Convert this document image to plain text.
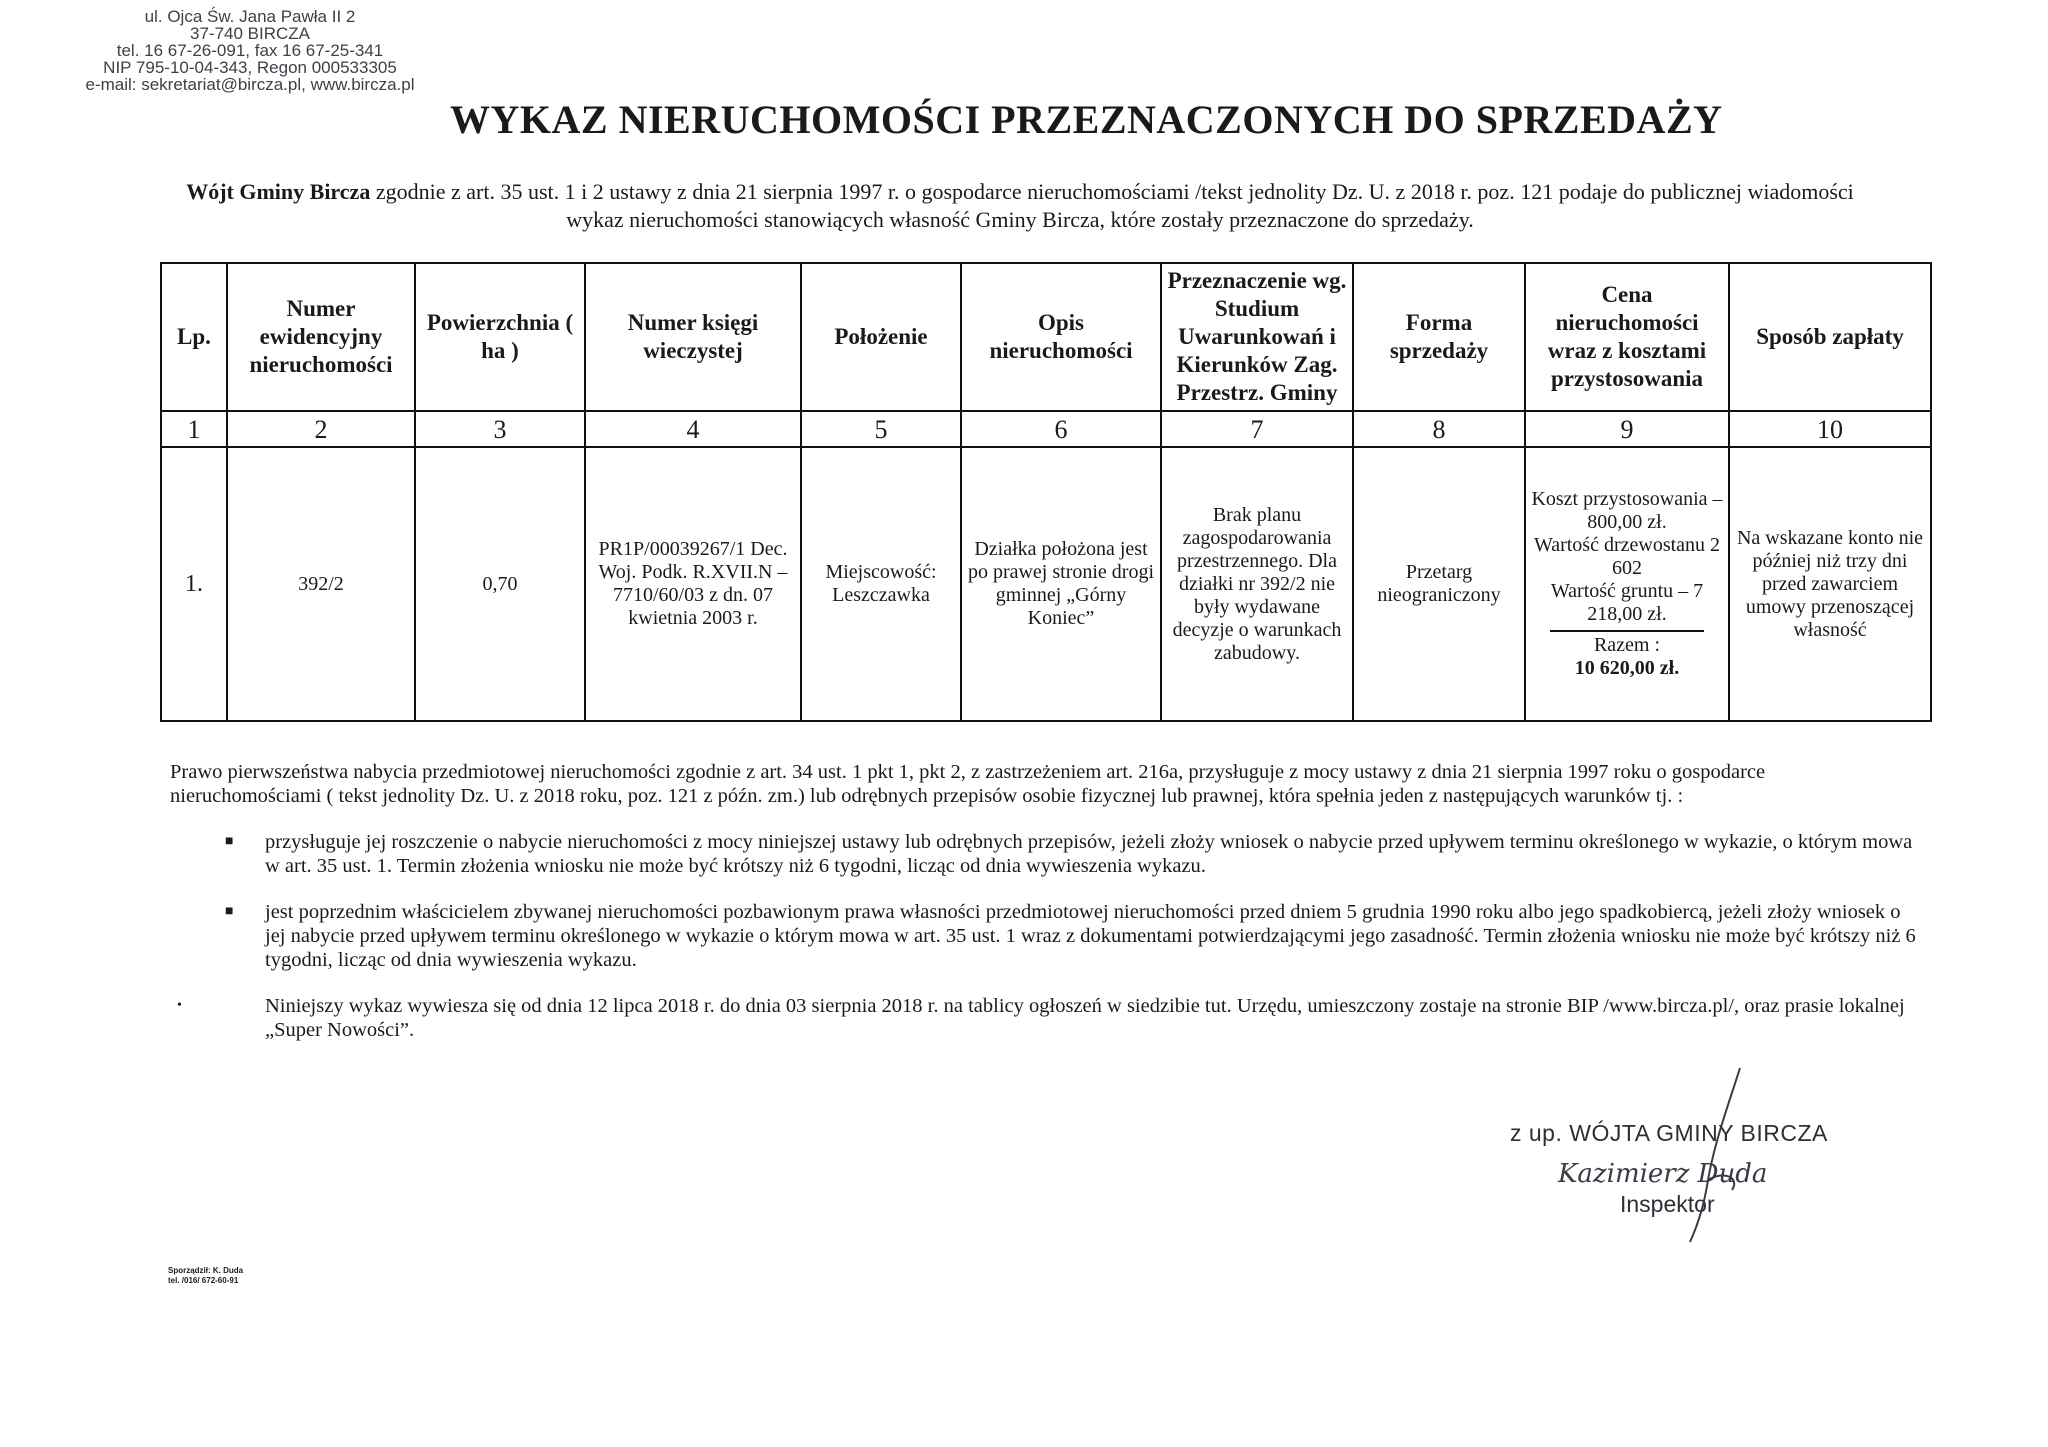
ul. Ojca Św. Jana Pawła II 2
37-740 BIRCZA
tel. 16 67-26-091, fax 16 67-25-341
NIP 795-10-04-343, Regon 000533305
e-mail: sekretariat@bircza.pl, www.bircza.pl
WYKAZ NIERUCHOMOŚCI PRZEZNACZONYCH DO SPRZEDAŻY
Wójt Gminy Bircza zgodnie z art. 35 ust. 1 i 2 ustawy z dnia 21 sierpnia 1997 r. o gospodarce nieruchomościami /tekst jednolity Dz. U. z 2018 r. poz. 121 podaje do publicznej wiadomości wykaz nieruchomości stanowiących własność Gminy Bircza, które zostały przeznaczone do sprzedaży.
Lp.	Numer ewidencyjny nieruchomości	Powierzchnia ( ha )	Numer księgi wieczystej	Położenie	Opis nieruchomości	Przeznaczenie wg. Studium Uwarunkowań i Kierunków Zag. Przestrz. Gminy	Forma sprzedaży	Cena nieruchomości wraz z kosztami przystosowania	Sposób zapłaty
1	2	3	4	5	6	7	8	9	10
1.	392/2	0,70	PR1P/00039267/1 Dec. Woj. Podk. R.XVII.N – 7710/60/03 z dn. 07 kwietnia 2003 r.	Miejscowość: Leszczawka	Działka położona jest po prawej stronie drogi gminnej „Górny Koniec”	Brak planu zagospodarowania przestrzennego. Dla działki nr 392/2 nie były wydawane decyzje o warunkach zabudowy.	Przetarg nieograniczony	Koszt przystosowania – 800,00 zł.
Wartość drzewostanu 2 602
Wartość gruntu – 7 218,00 zł.
Razem :
10 620,00 zł.	Na wskazane konto nie później niż trzy dni przed zawarciem umowy przenoszącej własność

Prawo pierwszeństwa nabycia przedmiotowej nieruchomości zgodnie z art. 34 ust. 1 pkt 1, pkt 2, z zastrzeżeniem art. 216a, przysługuje z mocy ustawy z dnia 21 sierpnia 1997 roku o gospodarce nieruchomościami ( tekst jednolity Dz. U. z 2018 roku, poz. 121 z późn. zm.) lub odrębnych przepisów osobie fizycznej lub prawnej, która spełnia jeden z następujących warunków tj. :

■ przysługuje jej roszczenie o nabycie nieruchomości z mocy niniejszej ustawy lub odrębnych przepisów, jeżeli złoży wniosek o nabycie przed upływem terminu określonego w wykazie, o którym mowa w art. 35 ust. 1. Termin złożenia wniosku nie może być krótszy niż 6 tygodni, licząc od dnia wywieszenia wykazu.
■ jest poprzednim właścicielem zbywanej nieruchomości pozbawionym prawa własności przedmiotowej nieruchomości przed dniem 5 grudnia 1990 roku albo jego spadkobiercą, jeżeli złoży wniosek o jej nabycie przed upływem terminu określonego w wykazie o którym mowa w art. 35 ust. 1 wraz z dokumentami potwierdzającymi jego zasadność. Termin złożenia wniosku nie może być krótszy niż 6 tygodni, licząc od dnia wywieszenia wykazu.
•	Niniejszy wykaz wywiesza się od dnia 12 lipca 2018 r. do dnia 03 sierpnia 2018 r. na tablicy ogłoszeń w siedzibie tut. Urzędu, umieszczony zostaje na stronie BIP /www.bircza.pl/, oraz prasie lokalnej „Super Nowości”.
z up. WÓJTA GMINY BIRCZA
Kazimierz Duda
Inspektor
Sporządził: K. Duda
tel. /016/ 672-60-91
